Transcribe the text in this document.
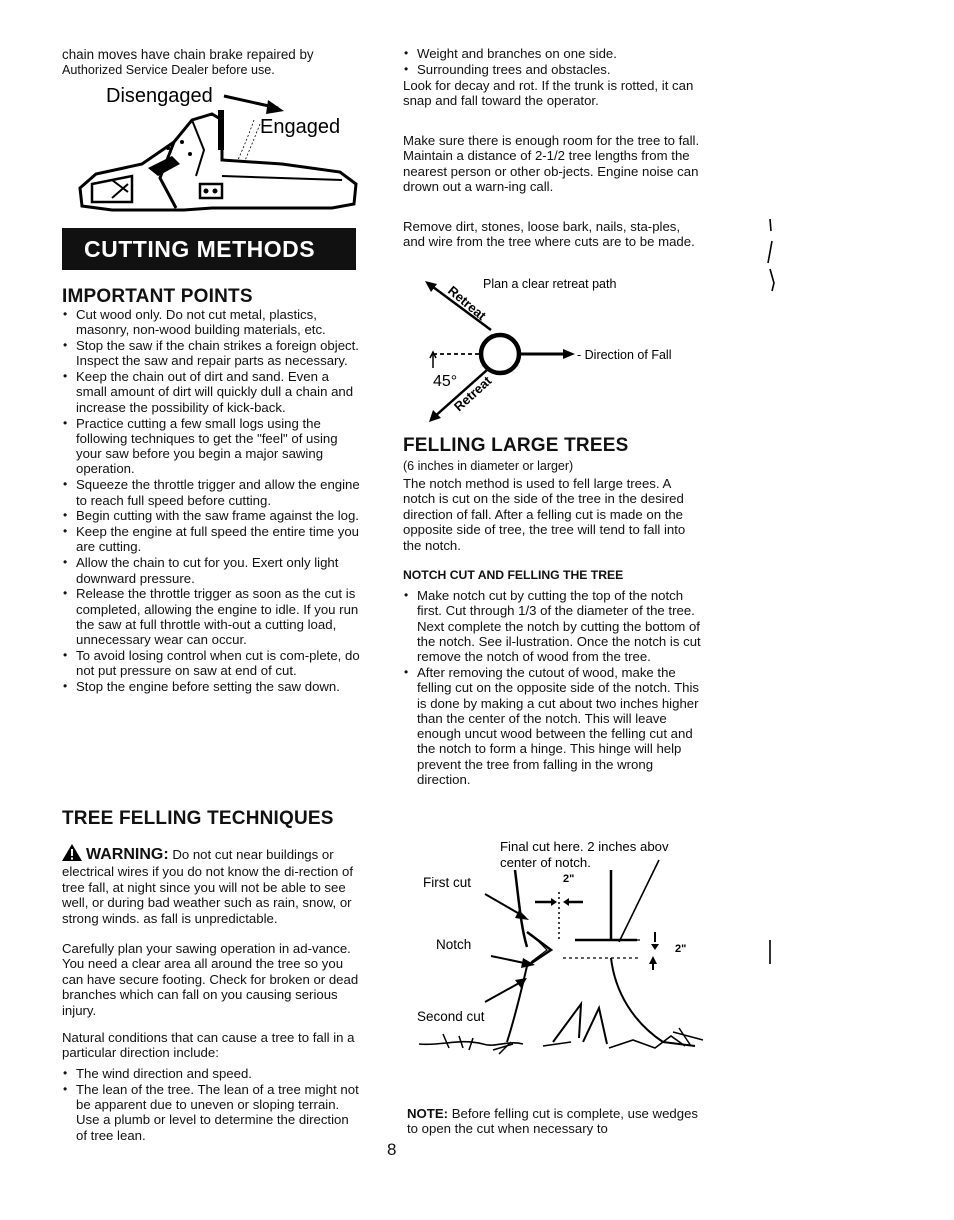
chain moves have chain brake repaired by

Authorized Service Dealer before use.

Disengaged
Engaged
CUTTING METHODS
IMPORTANT POINTS
• Cut wood only. Do not cut metal, plastics, masonry, non-wood building materials, etc.
• Stop the saw if the chain strikes a foreign object. Inspect the saw and repair parts as necessary.
• Keep the chain out of dirt and sand. Even a small amount of dirt will quickly dull a chain and increase the possibility of kick-back.
• Practice cutting a few small logs using the following techniques to get the "feel" of using your saw before you begin a major sawing operation.
• Squeeze the throttle trigger and allow the engine to reach full speed before cutting.
• Begin cutting with the saw frame against the log.
• Keep the engine at full speed the entire time you are cutting.
• Allow the chain to cut for you. Exert only light downward pressure.
• Release the throttle trigger as soon as the cut is completed, allowing the engine to idle. If you run the saw at full throttle with-out a cutting load, unnecessary wear can occur.
• To avoid losing control when cut is com-plete, do not put pressure on saw at end of cut.
• Stop the engine before setting the saw down.
TREE FELLING TECHNIQUES

WARNING: Do not cut near buildings or electrical wires if you do not know the di-rection of tree fall, at night since you will not be able to see well, or during bad weather such as rain, snow, or strong winds. as fall is unpredictable.

Carefully plan your sawing operation in ad-vance. You need a clear area all around the tree so you can have secure footing. Check for broken or dead branches which can fall on you causing serious injury.

Natural conditions that can cause a tree to fall in a particular direction include:

• The wind direction and speed.
• The lean of the tree. The lean of a tree might not be apparent due to uneven or sloping terrain. Use a plumb or level to determine the direction of tree lean.
• Weight and branches on one side.
• Surrounding trees and obstacles.

Look for decay and rot. If the trunk is rotted, it can snap and fall toward the operator.

Make sure there is enough room for the tree to fall. Maintain a distance of 2-1/2 tree lengths from the nearest person or other ob-jects. Engine noise can drown out a warn-ing call.

Remove dirt, stones, loose bark, nails, sta-ples, and wire from the tree where cuts are to be made.

Plan a clear retreat path
Retreat
- Direction of Fall
45°
Retreat
FELLING LARGE TREES

(6 inches in diameter or larger)

The notch method is used to fell large trees. A notch is cut on the side of the tree in the desired direction of fall. After a felling cut is made on the opposite side of tree, the tree will tend to fall into the notch.

NOTCH CUT AND FELLING THE TREE

• Make notch cut by cutting the top of the notch first. Cut through 1/3 of the diameter of the tree. Next complete the notch by cutting the bottom of the notch. See il-lustration. Once the notch is cut remove the notch of wood from the tree.
• After removing the cutout of wood, make the felling cut on the opposite side of the notch. This is done by making a cut about two inches higher than the center of the notch. This will leave enough uncut wood between the felling cut and the notch to form a hinge. This hinge will help prevent the tree from falling in the wrong direction.
Final cut here. 2 inches abov
center of notch.
First cut
Notch
Second cut
2"
2"

NOTE: Before felling cut is complete, use wedges to open the cut when necessary to

8
